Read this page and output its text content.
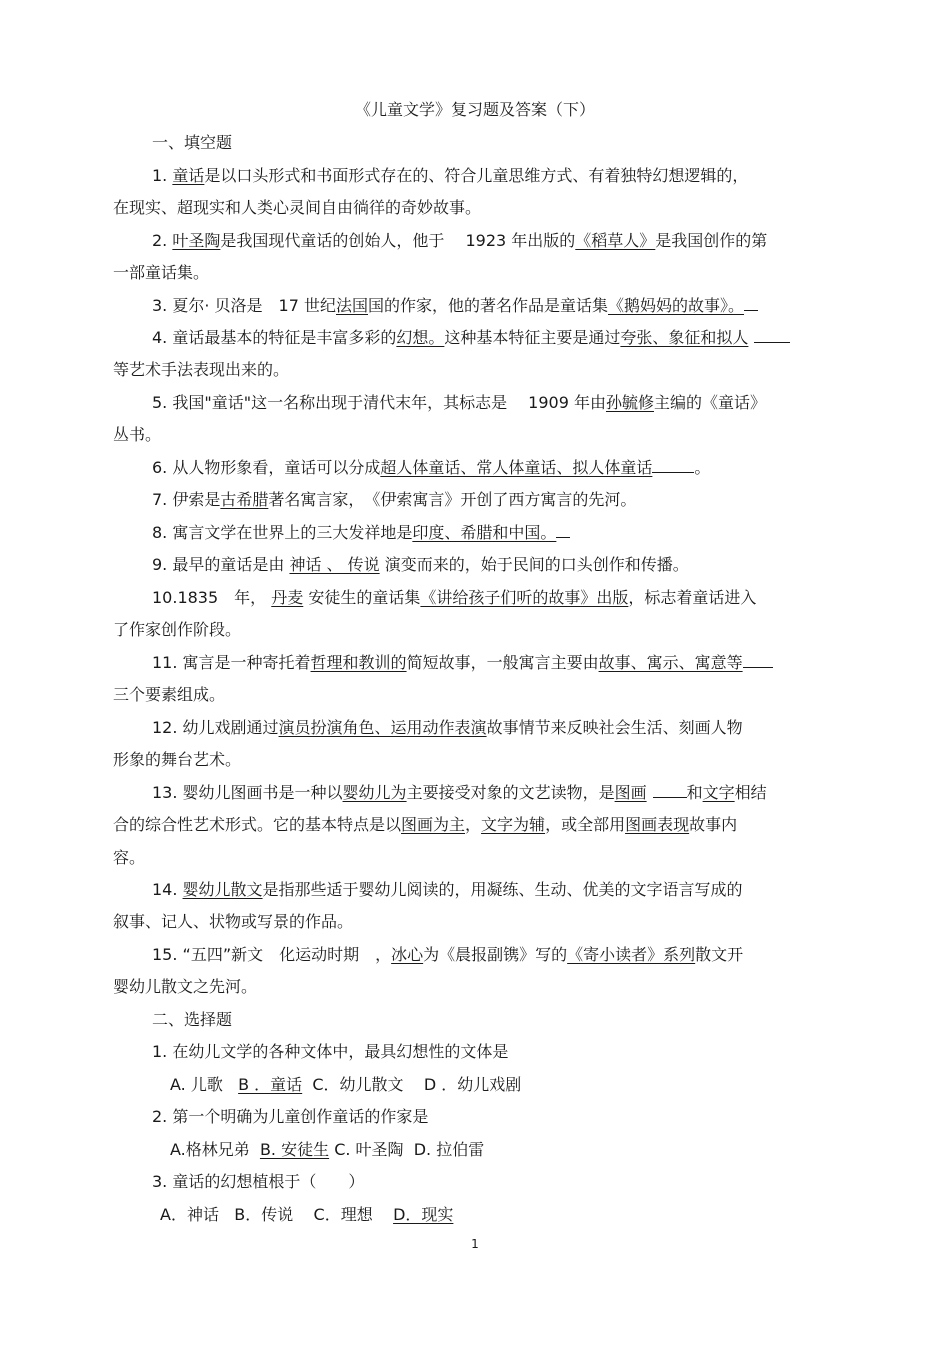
《儿童文学》复习题及答案（下）
一、填空题
1. 童话是以口头形式和书面形式存在的、符合儿童思维方式、有着独特幻想逻辑的，
在现实、超现实和人类心灵间自由徜徉的奇妙故事。
2. 叶圣陶是我国现代童话的创始人，他于　 1923 年出版的《稻草人》是我国创作的第
一部童话集。
3. 夏尔· 贝洛是　17 世纪法国国的作家，他的著名作品是童话集《鹅妈妈的故事》。
4. 童话最基本的特征是丰富多彩的幻想。这种基本特征主要是通过夸张、象征和拟人
等艺术手法表现出来的。
5. 我国"童话"这一名称出现于清代末年，其标志是　 1909 年由孙毓修主编的《童话》
丛书。
6. 从人物形象看，童话可以分成超人体童话、常人体童话、拟人体童话	。
7. 伊索是古希腊著名寓言家，　《伊索寓言》开创了西方寓言的先河。
8. 寓言文学在世界上的三大发祥地是印度、希腊和中国。
9. 最早的童话是由 神话 、 传说 演变而来的，始于民间的口头创作和传播。
10.1835　年， 丹麦 安徒生的童话集《讲给孩子们听的故事》出版，标志着童话进入
了作家创作阶段。
11. 寓言是一种寄托着哲理和教训的简短故事，一般寓言主要由故事、寓示、寓意等
三个要素组成。
12. 幼儿戏剧通过演员扮演角色、运用动作表演故事情节来反映社会生活、刻画人物
形象的舞台艺术。
13. 婴幼儿图画书是一种以婴幼儿为主要接受对象的文艺读物，是图画	和文字相结
合的综合性艺术形式。它的基本特点是以图画为主，文字为辅，或全部用图画表现故事内
容。
14. 婴幼儿散文是指那些适于婴幼儿阅读的，用凝练、生动、优美的文字语言写成的
叙事、记人、状物或写景的作品。
15. “五四”新文　化运动时期　，冰心为《晨报副镌》写的《寄小读者》系列散文开
婴幼儿散文之先河。
二、选择题
1. 在幼儿文学的各种文体中，最具幻想性的文体是
A. 儿歌 B ．童话 C．幼儿散文 D ．幼儿戏剧
2. 第一个明确为儿童创作童话的作家是
A.格林兄弟 B. 安徒生 C. 叶圣陶 D. 拉伯雷
3. 童话的幻想植根于（　　）
A．神话 B．传说 C．理想 D．现实
1
